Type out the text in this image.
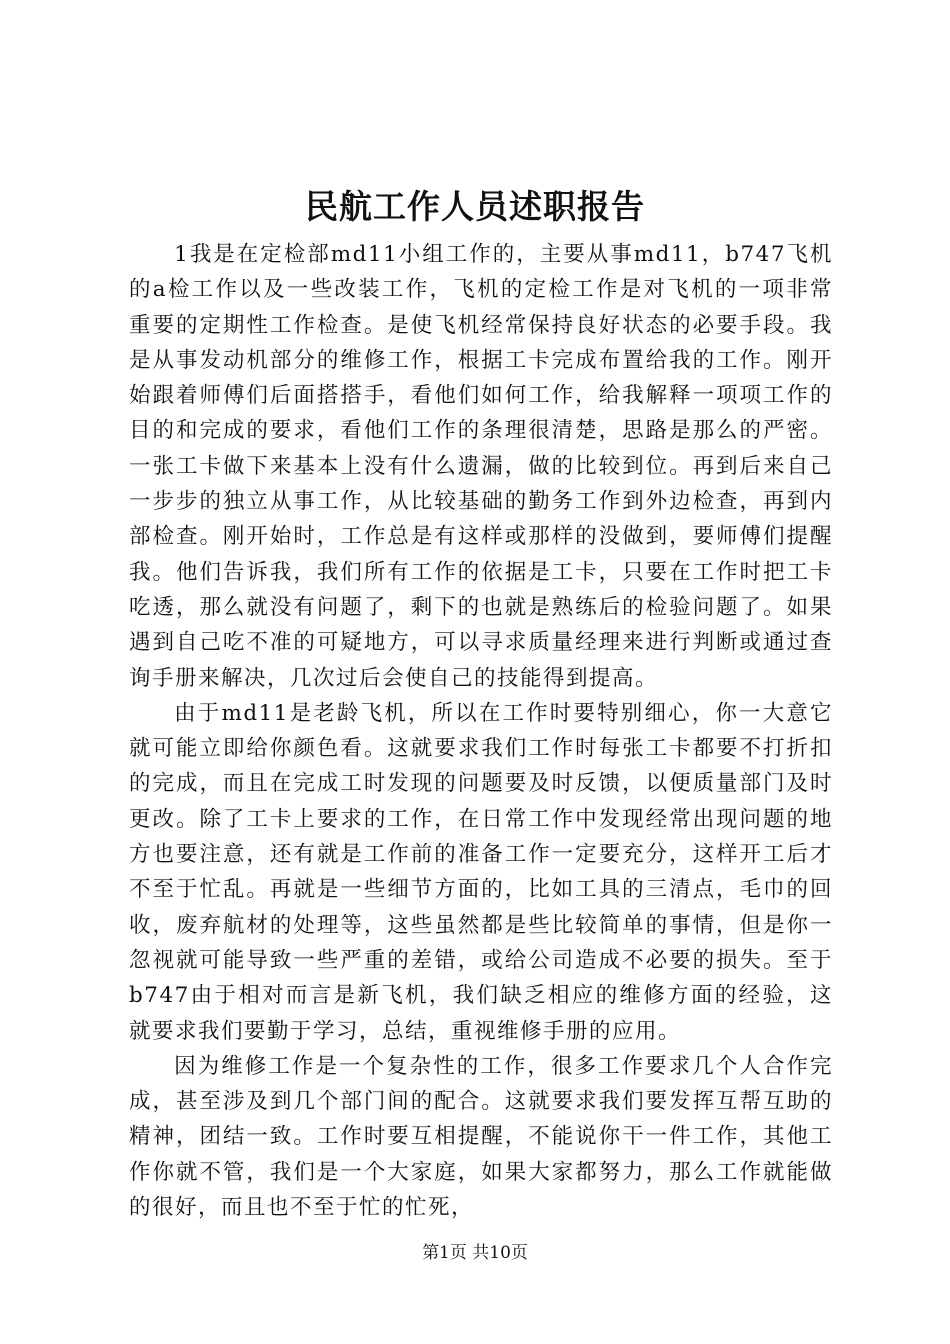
民航工作人员述职报告

1我是在定检部md11小组工作的，主要从事md11，b747飞机的a检工作以及一些改装工作，飞机的定检工作是对飞机的一项非常重要的定期性工作检查。是使飞机经常保持良好状态的必要手段。我是从事发动机部分的维修工作，根据工卡完成布置给我的工作。刚开始跟着师傅们后面搭搭手，看他们如何工作，给我解释一项项工作的目的和完成的要求，看他们工作的条理很清楚，思路是那么的严密。一张工卡做下来基本上没有什么遗漏，做的比较到位。再到后来自己一步步的独立从事工作，从比较基础的勤务工作到外边检查，再到内部检查。刚开始时，工作总是有这样或那样的没做到，要师傅们提醒我。他们告诉我，我们所有工作的依据是工卡，只要在工作时把工卡吃透，那么就没有问题了，剩下的也就是熟练后的检验问题了。如果遇到自己吃不准的可疑地方，可以寻求质量经理来进行判断或通过查询手册来解决，几次过后会使自己的技能得到提高。

由于md11是老龄飞机，所以在工作时要特别细心，你一大意它就可能立即给你颜色看。这就要求我们工作时每张工卡都要不打折扣的完成，而且在完成工时发现的问题要及时反馈，以便质量部门及时更改。除了工卡上要求的工作，在日常工作中发现经常出现问题的地方也要注意，还有就是工作前的准备工作一定要充分，这样开工后才不至于忙乱。再就是一些细节方面的，比如工具的三清点，毛巾的回收，废弃航材的处理等，这些虽然都是些比较简单的事情，但是你一忽视就可能导致一些严重的差错，或给公司造成不必要的损失。至于b747由于相对而言是新飞机，我们缺乏相应的维修方面的经验，这就要求我们要勤于学习，总结，重视维修手册的应用。

因为维修工作是一个复杂性的工作，很多工作要求几个人合作完成，甚至涉及到几个部门间的配合。这就要求我们要发挥互帮互助的精神，团结一致。工作时要互相提醒，不能说你干一件工作，其他工作你就不管，我们是一个大家庭，如果大家都努力，那么工作就能做的很好，而且也不至于忙的忙死，

第1页 共10页
